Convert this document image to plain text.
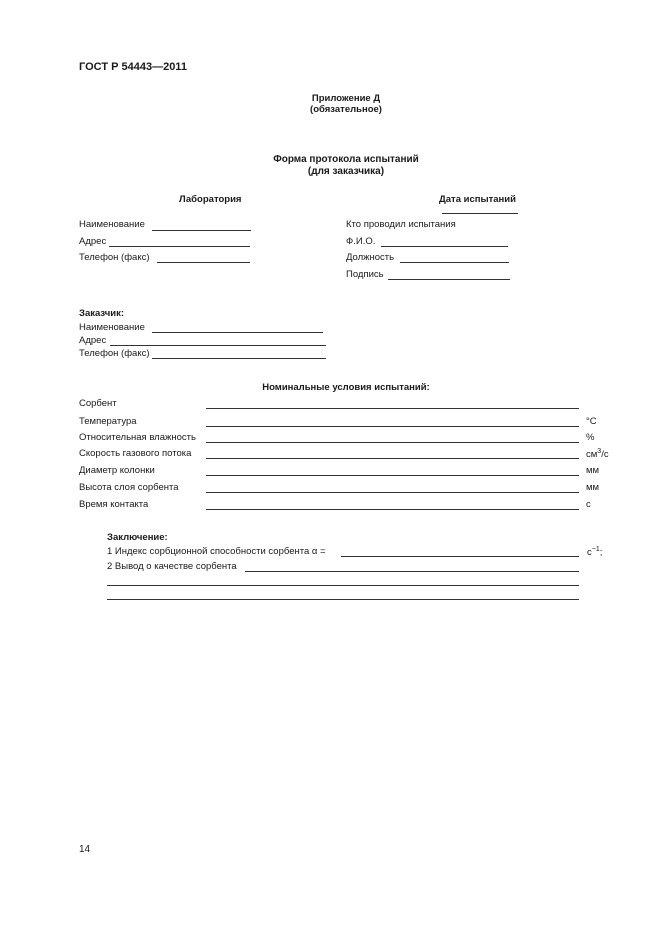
ГОСТ Р 54443—2011
Приложение Д
(обязательное)
Форма протокола испытаний
(для заказчика)
Лаборатория
Наименование
Адрес
Телефон (факс)
Дата испытаний
Кто проводил испытания
Ф.И.О.
Должность
Подпись
Заказчик:
Наименование
Адрес
Телефон (факс)
Номинальные условия испытаний:
Сорбент
Температура	°C
Относительная влажность	%
Скорость газового потока	$см^3/с$
Диаметр колонки	мм
Высота слоя сорбента	мм
Время контакта	с
Заключение:
1 Индекс сорбционной способности сорбента α =	$с^{-1}$;
2 Вывод о качестве сорбента
14
